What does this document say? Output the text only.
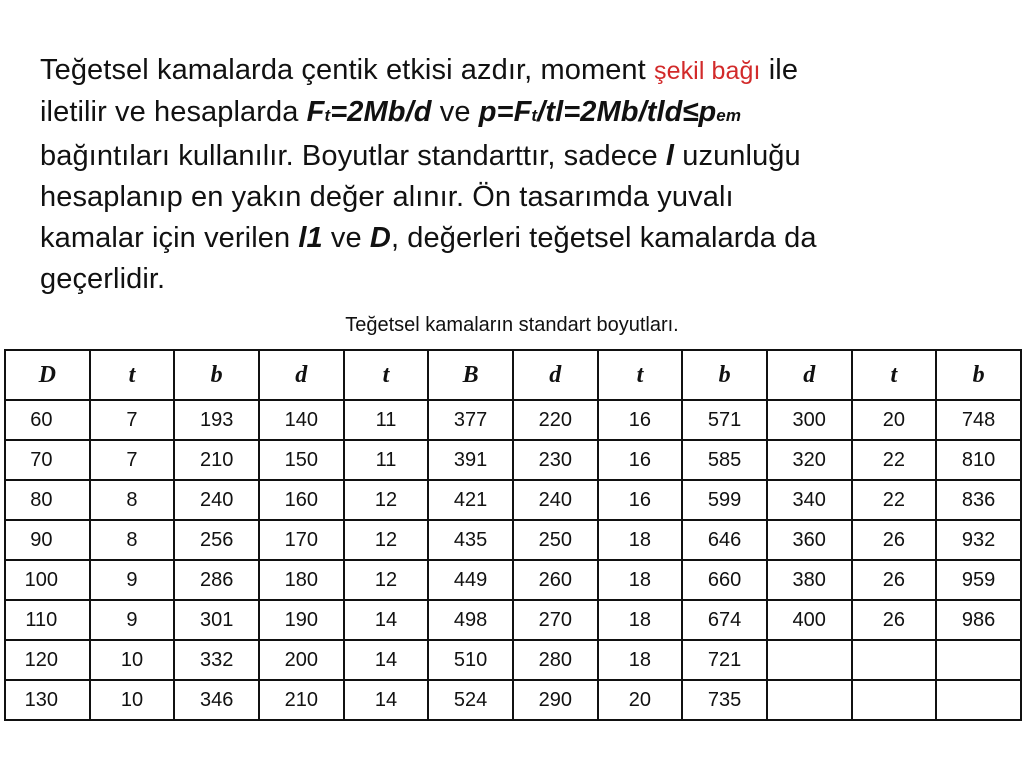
Teğetsel kamalarda çentik etkisi azdır, moment şekil bağı ile
iletilir ve hesaplarda Ft=2Mb/d ve p=Ft/tl=2Mb/tld≤pem
bağıntıları kullanılır. Boyutlar standarttır, sadece l uzunluğu
hesaplanıp en yakın değer alınır. Ön tasarımda yuvalı
kamalar için verilen l1 ve D, değerleri teğetsel kamalarda da
geçerlidir.
Teğetsel kamaların standart boyutları.
D	t	b	d	t	B	d	t	b	d	t	b
60	7	193	140	11	377	220	16	571	300	20	748
70	7	210	150	11	391	230	16	585	320	22	810
80	8	240	160	12	421	240	16	599	340	22	836
90	8	256	170	12	435	250	18	646	360	26	932
100	9	286	180	12	449	260	18	660	380	26	959
110	9	301	190	14	498	270	18	674	400	26	986
120	10	332	200	14	510	280	18	721			
130	10	346	210	14	524	290	20	735			
